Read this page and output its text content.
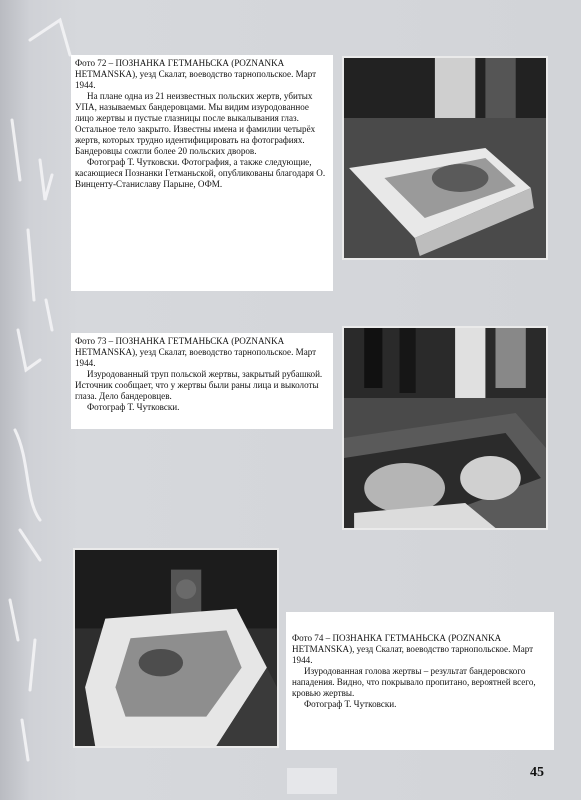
Фото 72 – ПОЗНАНКА ГЕТМАНЬСКА (POZNANKA HETMANSKA), уезд Скалат, воеводство тарнопольское. Март 1944.

На плане одна из 21 неизвестных польских жертв, убитых УПА, называемых бандеровцами. Мы видим изуродованное лицо жертвы и пустые глазницы после выкалывания глаз. Остальное тело закрыто. Известны имена и фамилии четырёх жертв, которых трудно идентифицировать на фотографиях. Бандеровцы сожгли более 20 польских дворов.

Фотограф Т. Чутковски. Фотография, а также следующие, касающиеся Познанки Гетманьской, опубликованы благодаря О. Винценту-Станиславу Парыне, ОФМ.

Фото 73 – ПОЗНАНКА ГЕТМАНЬСКА (POZNANKA HETMANSKA), уезд Скалат, воеводство тарнопольское. Март 1944.

Изуродованный труп польской жертвы, закрытый рубашкой. Источник сообщает, что у жертвы были раны лица и выколоты глаза. Дело бандеровцев.

Фотограф Т. Чутковски.

Фото 74 – ПОЗНАНКА ГЕТМАНЬСКА (POZNANKA HETMANSKA), уезд Скалат, воеводство тарнопольское. Март 1944.

Изуродованная голова жертвы – результат бандеровского нападения. Видно, что покрывало пропитано, вероятней всего, кровью жертвы.

Фотограф Т. Чутковски.

45
